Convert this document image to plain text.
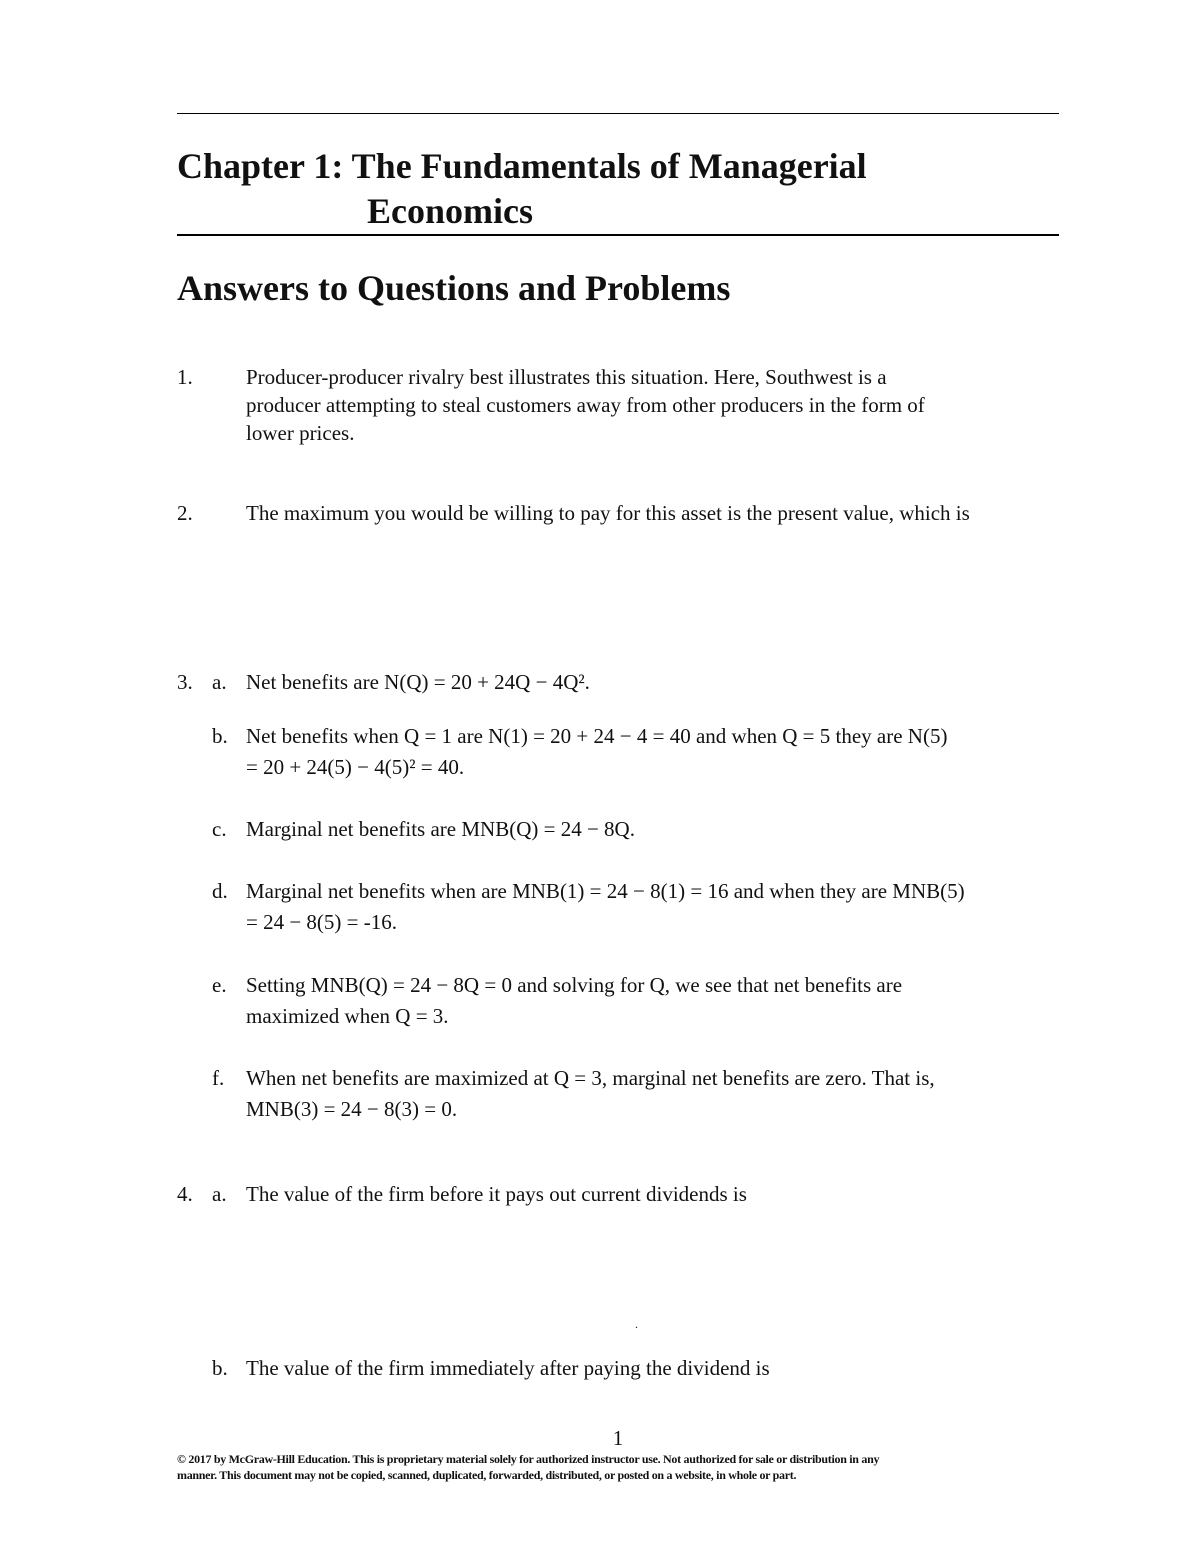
Chapter 1: The Fundamentals of Managerial
Economics
Answers to Questions and Problems
1.	Producer-producer rivalry best illustrates this situation. Here, Southwest is a
producer attempting to steal customers away from other producers in the form of
lower prices.
2.	The maximum you would be willing to pay for this asset is the present value, which is
3. a. Net benefits are N(Q) = 20 + 24Q − 4Q².
b. Net benefits when Q = 1 are N(1) = 20 + 24 − 4 = 40 and when Q = 5 they are N(5)
= 20 + 24(5) − 4(5)² = 40.
c. Marginal net benefits are MNB(Q) = 24 − 8Q.
d. Marginal net benefits when are MNB(1) = 24 − 8(1) = 16 and when they are MNB(5)
= 24 − 8(5) = -16.
e. Setting MNB(Q) = 24 − 8Q = 0 and solving for Q, we see that net benefits are
maximized when Q = 3.
f. When net benefits are maximized at Q = 3, marginal net benefits are zero. That is,
MNB(3) = 24 − 8(3) = 0.
4. a. The value of the firm before it pays out current dividends is
.
b. The value of the firm immediately after paying the dividend is
1
© 2017 by McGraw-Hill Education. This is proprietary material solely for authorized instructor use. Not authorized for sale or distribution in any
manner. This document may not be copied, scanned, duplicated, forwarded, distributed, or posted on a website, in whole or part.
